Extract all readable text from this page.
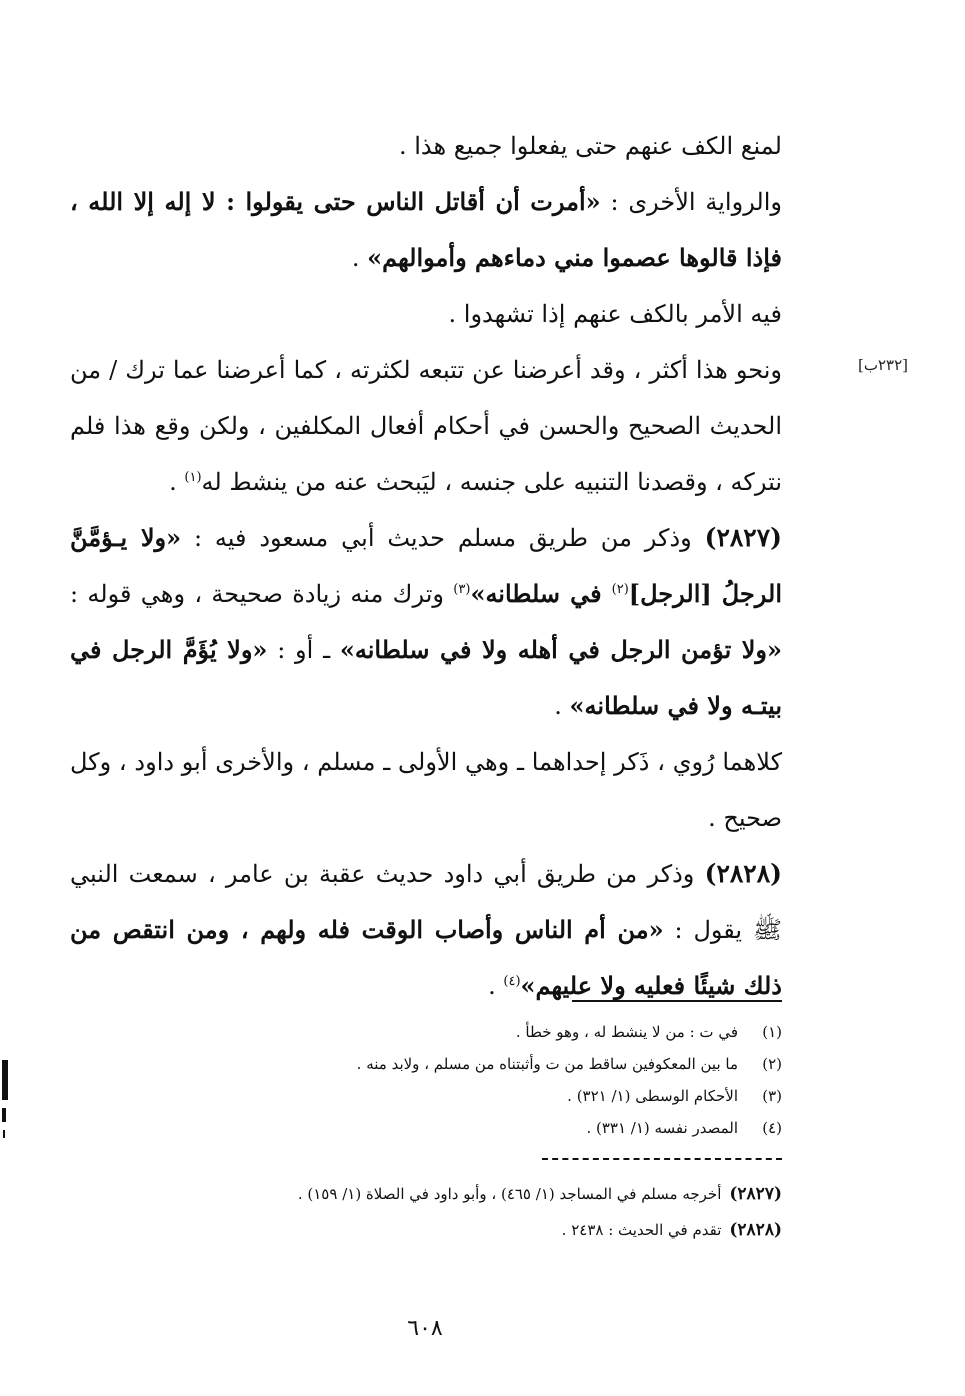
[٢٣٢ب]

لمنع الكف عنهم حتى يفعلوا جميع هذا .

والرواية الأخرى : «أمرت أن أقاتل الناس حتى يقولوا : لا إله إلا الله ، فإذا قالوها عصموا مني دماءهم وأموالهم» .

فيه الأمر بالكف عنهم إذا تشهدوا .

ونحو هذا أكثر ، وقد أعرضنا عن تتبعه لكثرته ، كما أعرضنا عما ترك / من الحديث الصحيح والحسن في أحكام أفعال المكلفين ، ولكن وقع هذا فلم نتركه ، وقصدنا التنبيه على جنسه ، ليَبحث عنه من ينشط له$^{(١)}$ .

(٢٨٢٧) وذكر من طريق مسلم حديث أبي مسعود فيه : «ولا يـؤمَّنَّ الرجلُ [الرجل]$^{(٢)}$ في سلطانه»$^{(٣)}$ وترك منه زيادة صحيحة ، وهي قوله : «ولا تؤمن الرجل في أهله ولا في سلطانه» ـ أو : «ولا يُؤَمَّ الرجل في بيتـه ولا في سلطانه» .

كلاهما رُوي ، ذَكر إحداهما ـ وهي الأولى ـ مسلم ، والأخرى أبو داود ، وكل صحيح .

(٢٨٢٨) وذكر من طريق أبي داود حديث عقبة بن عامر ، سمعت النبي ﷺ يقول : «من أم الناس وأصاب الوقت فله ولهم ، ومن انتقص من ذلك شيئًا فعليه ولا عليهم»$^{(٤)}$ .

(١)
في ت : من لا ينشط له ، وهو خطأ .
(٢)
ما بين المعكوفين ساقط من ت وأثبتناه من مسلم ، ولابد منه .
(٣)
الأحكام الوسطى (١/ ٣٢١) .
(٤)
المصدر نفسه (١/ ٣٣١) .
(٢٨٢٧)أخرجه مسلم في المساجد (١/ ٤٦٥) ، وأبو داود في الصلاة (١/ ١٥٩) .
(٢٨٢٨)تقدم في الحديث : ٢٤٣٨ .
٦٠٨
